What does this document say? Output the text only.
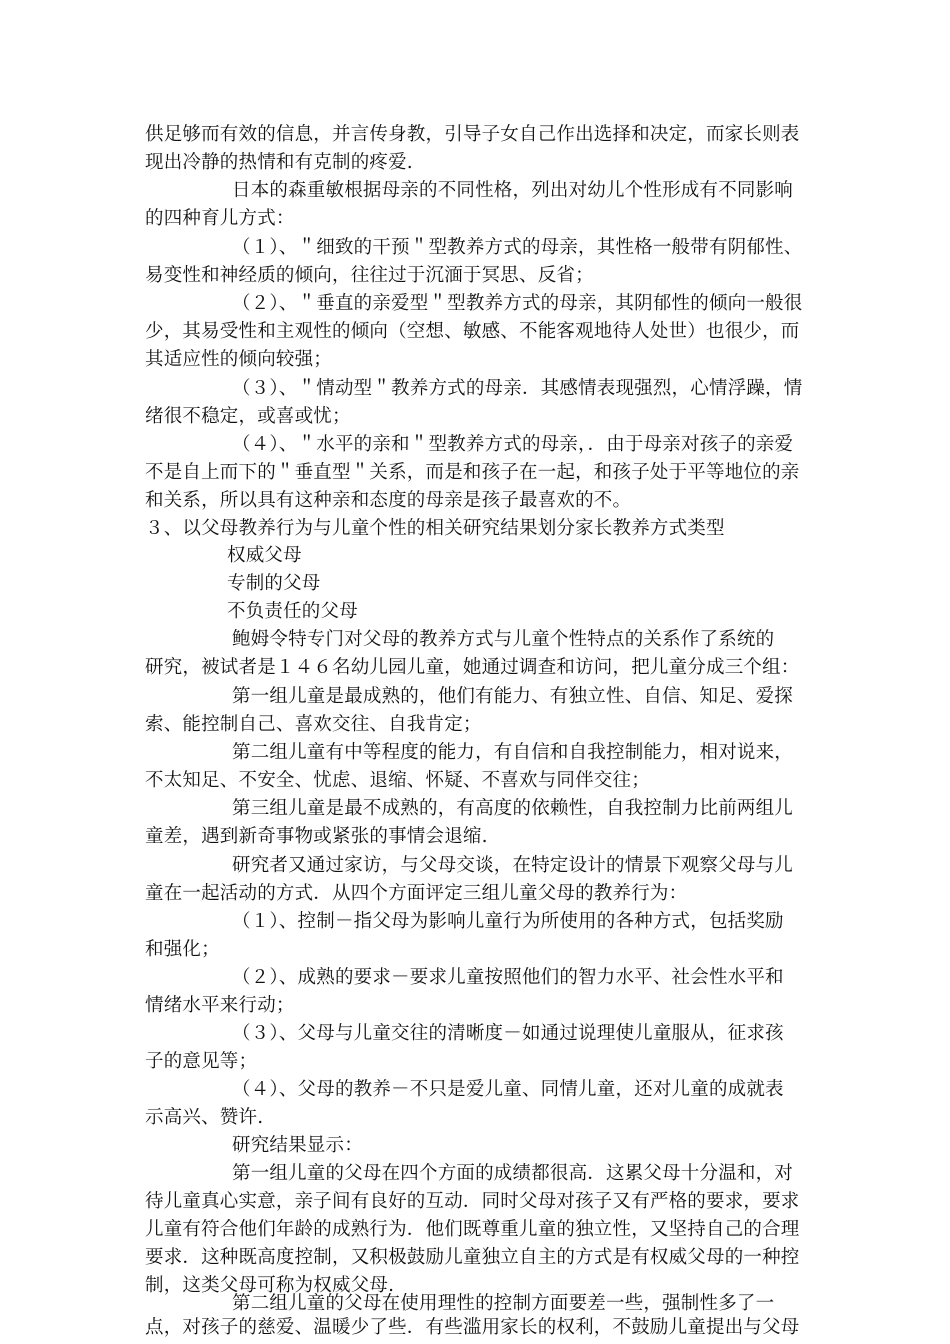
供足够而有效的信息，并言传身教，引导子女自己作出选择和决定，而家长则表
现出冷静的热情和有克制的疼爱.
日本的森重敏根据母亲的不同性格，列出对幼儿个性形成有不同影响
的四种育儿方式：
（１）、＂细致的干预＂型教养方式的母亲，其性格一般带有阴郁性、
易变性和神经质的倾向，往往过于沉湎于冥思、反省；
（２）、＂垂直的亲爱型＂型教养方式的母亲，其阴郁性的倾向一般很
少，其易受性和主观性的倾向（空想、敏感、不能客观地待人处世）也很少，而
其适应性的倾向较强；
（３）、＂情动型＂教养方式的母亲．其感情表现强烈，心情浮躁，情
绪很不稳定，或喜或忧；
（４）、＂水平的亲和＂型教养方式的母亲，．由于母亲对孩子的亲爱
不是自上而下的＂垂直型＂关系，而是和孩子在一起，和孩子处于平等地位的亲
和关系，所以具有这种亲和态度的母亲是孩子最喜欢的不。
３、以父母教养行为与儿童个性的相关研究结果划分家长教养方式类型
权威父母
专制的父母
不负责任的父母
鲍姆令特专门对父母的教养方式与儿童个性特点的关系作了系统的
研究，被试者是１４６名幼儿园儿童，她通过调查和访问，把儿童分成三个组：
第一组儿童是最成熟的，他们有能力、有独立性、自信、知足、爱探
索、能控制自己、喜欢交往、自我肯定；
第二组儿童有中等程度的能力，有自信和自我控制能力，相对说来，
不太知足、不安全、忧虑、退缩、怀疑、不喜欢与同伴交往；
第三组儿童是最不成熟的，有高度的依赖性，自我控制力比前两组儿
童差，遇到新奇事物或紧张的事情会退缩.
研究者又通过家访，与父母交谈，在特定设计的情景下观察父母与儿
童在一起活动的方式．从四个方面评定三组儿童父母的教养行为：
（１）、控制－指父母为影响儿童行为所使用的各种方式，包括奖励
和强化；
（２）、成熟的要求－要求儿童按照他们的智力水平、社会性水平和
情绪水平来行动；
（３）、父母与儿童交往的清晰度－如通过说理使儿童服从，征求孩
子的意见等；
（４）、父母的教养－不只是爱儿童、同情儿童，还对儿童的成就表
示高兴、赞许.
研究结果显示：
第一组儿童的父母在四个方面的成绩都很高．这累父母十分温和，对
待儿童真心实意，亲子间有良好的互动．同时父母对孩子又有严格的要求，要求
儿童有符合他们年龄的成熟行为．他们既尊重儿童的独立性，又坚持自己的合理
要求．这种既高度控制，又积极鼓励儿童独立自主的方式是有权威父母的一种控
制，这类父母可称为权威父母.
第二组儿童的父母在使用理性的控制方面要差一些，强制性多了一
点，对孩子的慈爱、温暖少了些．有些滥用家长的权利，不鼓励儿童提出与父母
